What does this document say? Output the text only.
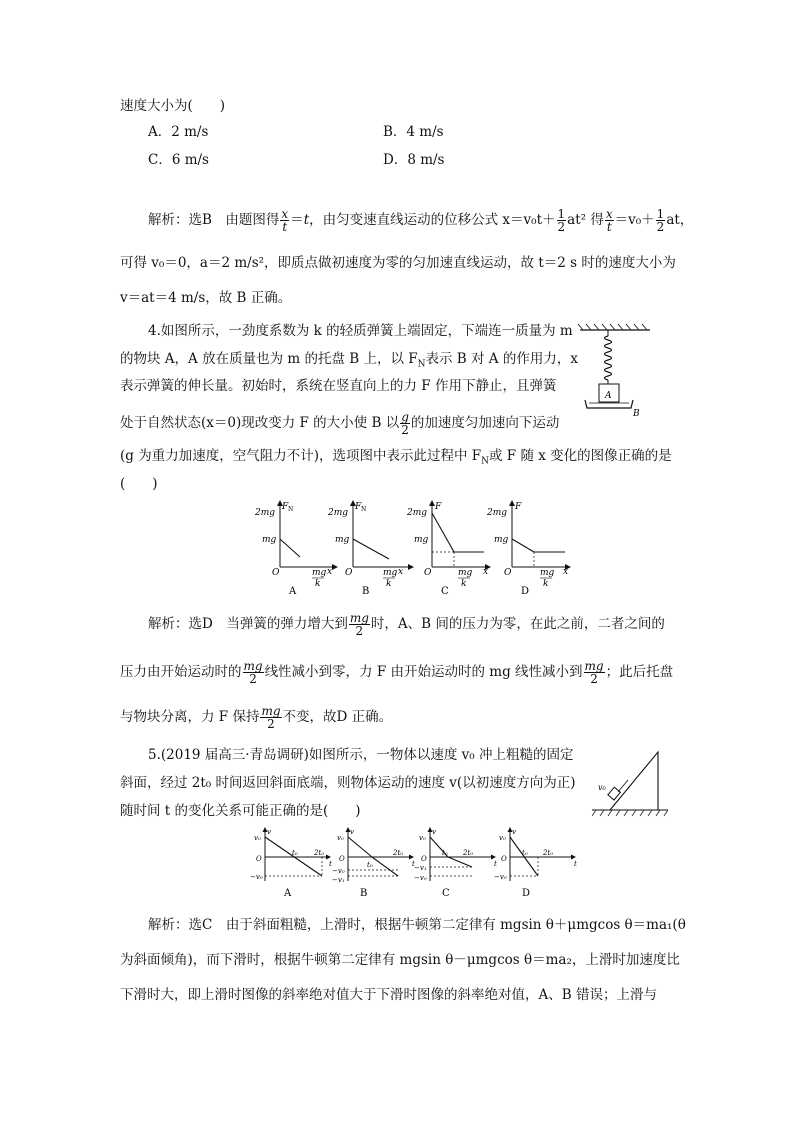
速度大小为(　　)
A．2 m/s	B．4 m/s
C．6 m/s	D．8 m/s
解析：选B　由题图得 $\frac{x}{t} =t$，由匀变速直线运动的位移公式 $x=v_0t+ \frac{1}{2} at^2$ 得 $\frac{x}{t} =v_0+ \frac{1}{2}$ at，
可得 v₀＝0，a＝2 m/s²，即质点做初速度为零的匀加速直线运动，故 t＝2 s 时的速度大小为
v＝at＝4 m/s，故 B 正确。
4.如图所示，一劲度系数为 k 的轻质弹簧上端固定，下端连一质量为 m
的物块 A，A 放在质量也为 m 的托盘 B 上，以 $F_N$表示 B 对 A 的作用力，x
表示弹簧的伸长量。初始时，系统在竖直向上的力 F 作用下静止，且弹簧
处于自然状态(x＝0)现改变力 F 的大小使 B 以 $\frac{g}{2}$ 的加速度匀加速向下运动
(g 为重力加速度，空气阻力不计)，选项图中表示此过程中 $F_N$或 F 随 x 变化的图像正确的是
(　　)
A
B
F N
2mg
mg
O	mg
k
x
A
F N
2mg
mg
O	mg
k
x
B
F
2mg
mg
O	mg
k
x
C
F
2mg
mg
O	mg
k
x
D
解析：选D　当弹簧的弹力增大到 $\frac{mg}{2}$ 时，A、B 间的压力为零，在此之前，二者之间的
压力由开始运动时的 $\frac{mg}{2}$ 线性减小到零，力 F 由开始运动时的 mg 线性减小到 $\frac{mg}{2}$ ；此后托盘
与物块分离，力 F 保持 $\frac{mg}{2}$ 不变，故D 正确。
5.(2019 届高三·青岛调研)如图所示，一物体以速度 v₀ 冲上粗糙的固定
斜面，经过 2t₀ 时间返回斜面底端，则物体运动的速度 v(以初速度方向为正)
随时间 t 的变化关系可能正确的是(　　)
v₀
v
v₀
O
−v₀
t₀ 2t₀
t
A
v
v₀
O
−v₀
−v₁
t₀
2t₀
t
B
v
v₀
O
−v₁
−v₀
t₀ 2t₀
t
C
v
v₀
O
−v₀
t₀ 2t₀
t
D
解析：选C　由于斜面粗糙，上滑时，根据牛顿第二定律有 mgsin θ＋μmgcos θ＝ma₁(θ
为斜面倾角)，而下滑时，根据牛顿第二定律有 mgsin θ－μmgcos θ＝ma₂，上滑时加速度比
下滑时大，即上滑时图像的斜率绝对值大于下滑时图像的斜率绝对值，A、B 错误；上滑与
